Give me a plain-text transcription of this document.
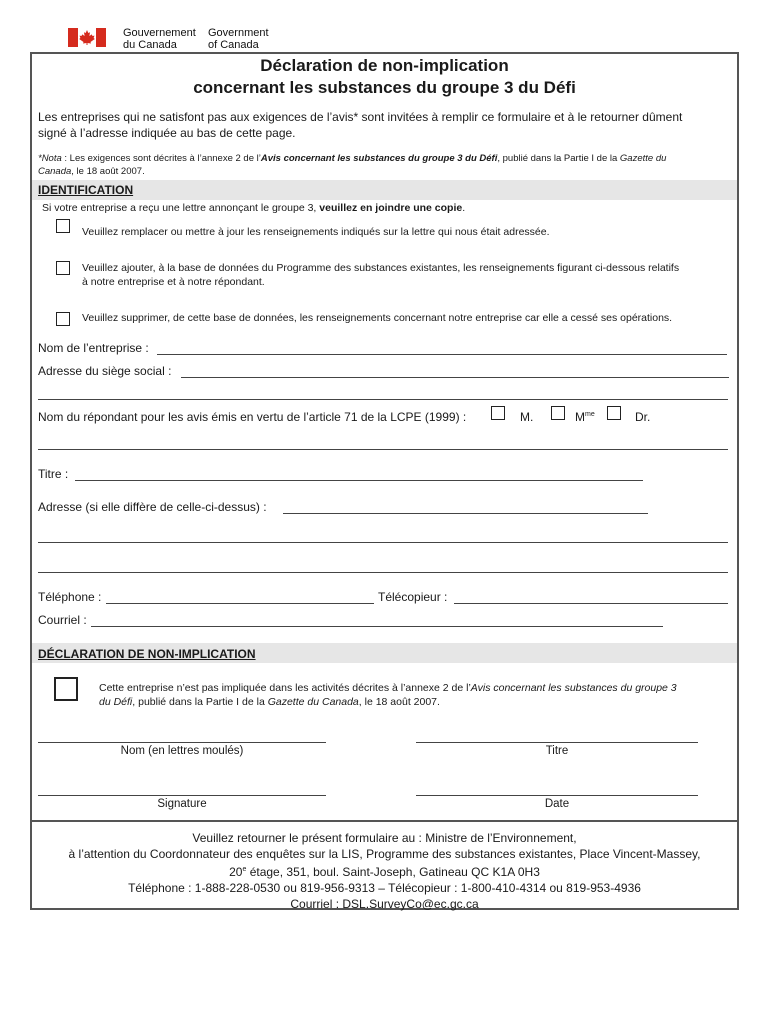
Gouvernement
du Canada
Government
of Canada
Déclaration de non-implication
concernant les substances du groupe 3 du Défi
Les entreprises qui ne satisfont pas aux exigences de l’avis* sont invitées à remplir ce formulaire et à le retourner dûment
signé à l’adresse indiquée au bas de cette page.
*Nota : Les exigences sont décrites à l’annexe 2 de l’Avis concernant les substances du groupe 3 du Défi, publié dans la Partie I de la Gazette du
Canada, le 18 août 2007.
IDENTIFICATION
Si votre entreprise a reçu une lettre annonçant le groupe 3, veuillez en joindre une copie.
Veuillez remplacer ou mettre à jour les renseignements indiqués sur la lettre qui nous était adressée.
Veuillez ajouter, à la base de données du Programme des substances existantes, les renseignements figurant ci-dessous relatifs
à notre entreprise et à notre répondant.
Veuillez supprimer, de cette base de données, les renseignements concernant notre entreprise car elle a cessé ses opérations.
Nom de l’entreprise :
Adresse du siège social :
Nom du répondant pour les avis émis en vertu de l’article 71 de la LCPE (1999) :	M.	$M^{me}$	Dr.
Titre :
Adresse (si elle diffère de celle-ci-dessus) :
Téléphone :	Télécopieur :
Courriel :
DÉCLARATION DE NON-IMPLICATION
Cette entreprise n’est pas impliquée dans les activités décrites à l’annexe 2 de l’Avis concernant les substances du groupe 3
du Défi, publié dans la Partie I de la Gazette du Canada, le 18 août 2007.
Nom (en lettres moulés)	Titre
Signature	Date
Veuillez retourner le présent formulaire au : Ministre de l’Environnement,
à l’attention du Coordonnateur des enquêtes sur la LIS, Programme des substances existantes, Place Vincent-Massey,
20e étage, 351, boul. Saint-Joseph, Gatineau QC K1A 0H3
Téléphone : 1-888-228-0530 ou 819-956-9313 – Télécopieur : 1-800-410-4314 ou 819-953-4936
Courriel : DSL.SurveyCo@ec.gc.ca
